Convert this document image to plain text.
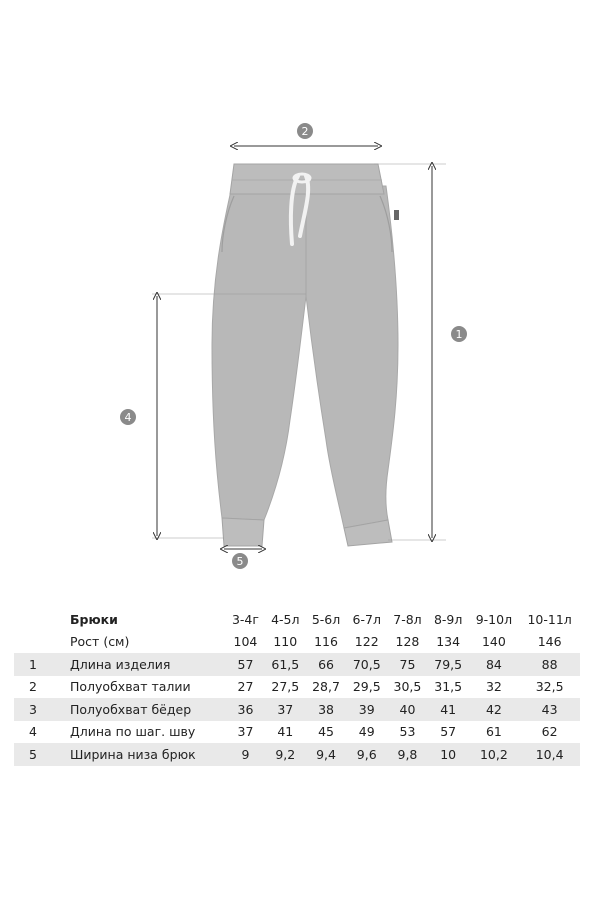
2
1
4
5
	Брюки	3-4г	4-5л	5-6л	6-7л	7-8л	8-9л	9-10л	10-11л
	Рост (см)	104	110	116	122	128	134	140	146
1	Длина изделия	57	61,5	66	70,5	75	79,5	84	88
2	Полуобхват талии	27	27,5	28,7	29,5	30,5	31,5	32	32,5
3	Полуобхват бёдер	36	37	38	39	40	41	42	43
4	Длина по шаг. шву	37	41	45	49	53	57	61	62
5	Ширина низа брюк	9	9,2	9,4	9,6	9,8	10	10,2	10,4
